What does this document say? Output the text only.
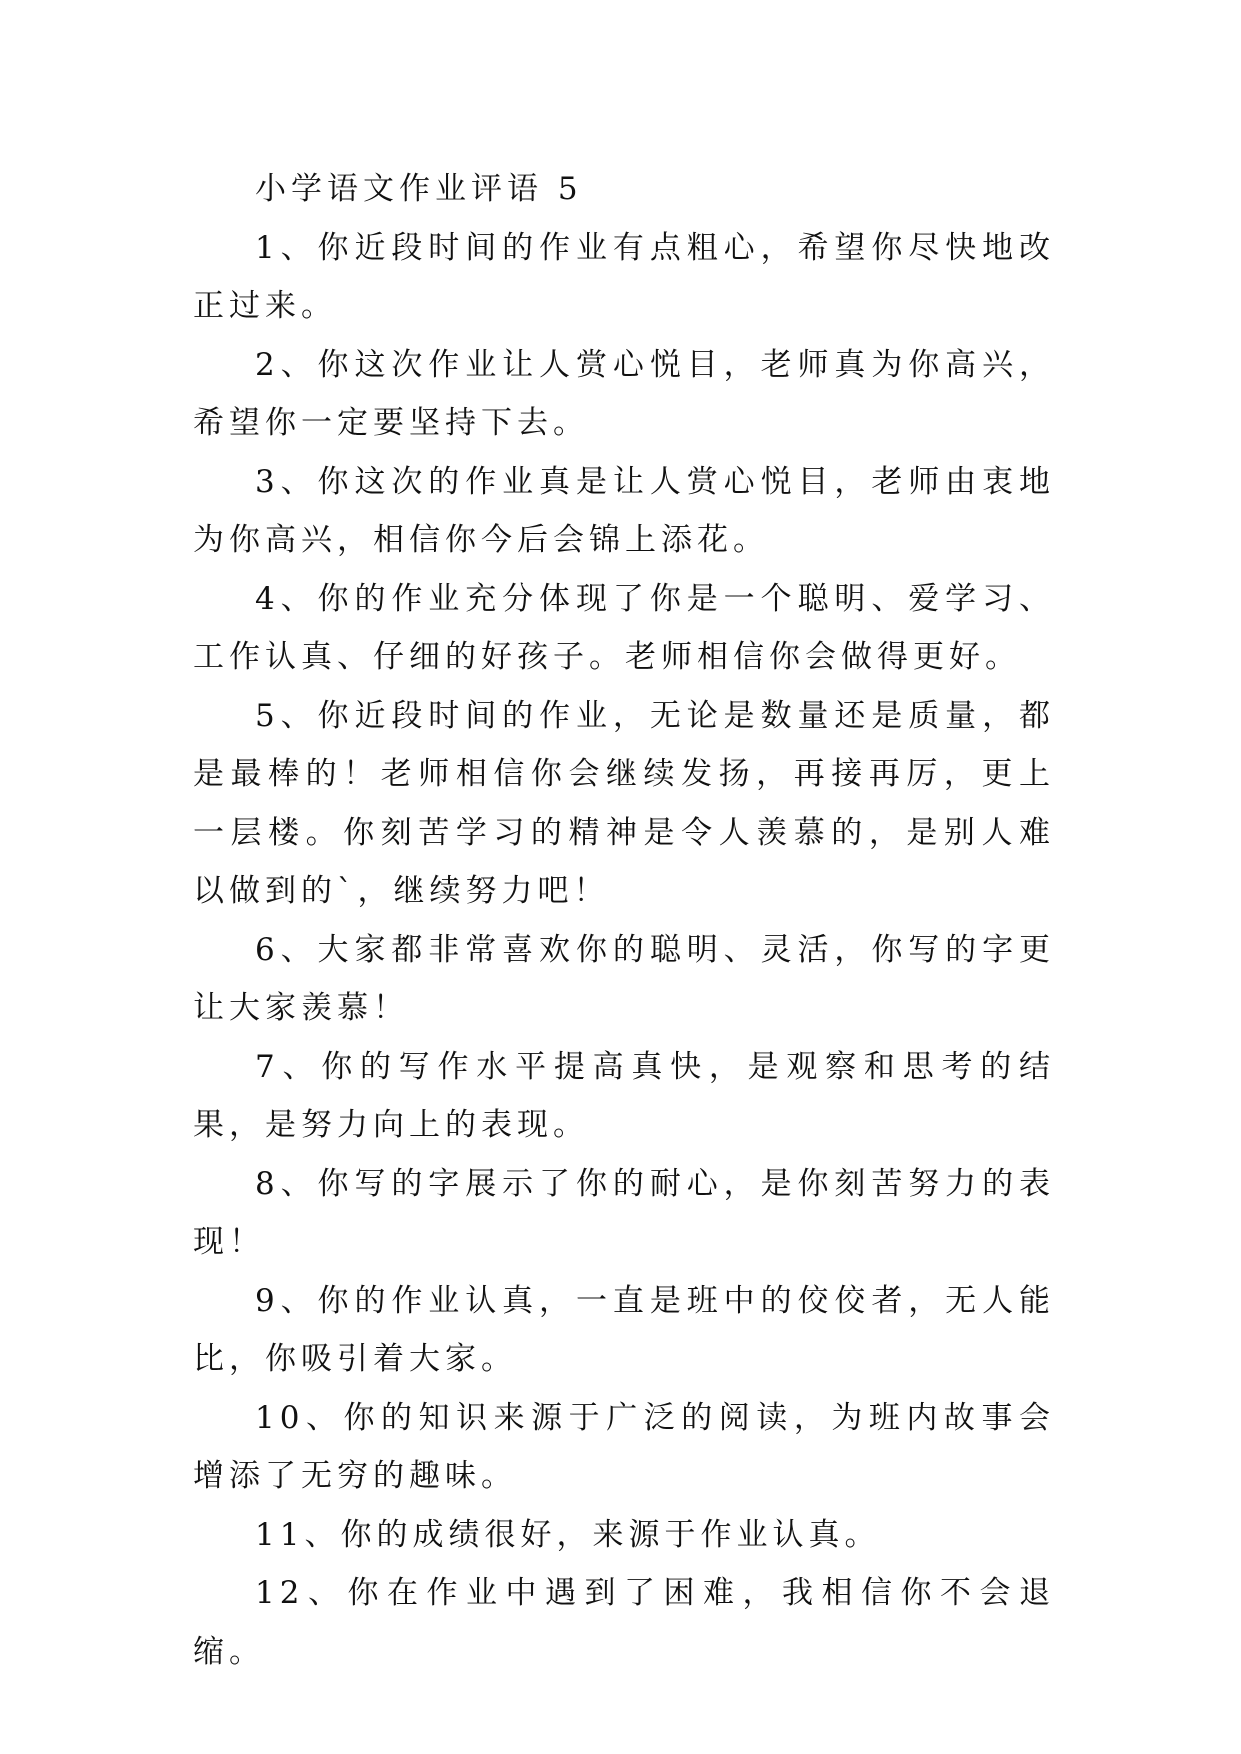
小学语文作业评语 5

1、你近段时间的作业有点粗心，希望你尽快地改正过来。

2、你这次作业让人赏心悦目，老师真为你高兴，希望你一定要坚持下去。

3、你这次的作业真是让人赏心悦目，老师由衷地为你高兴，相信你今后会锦上添花。

4、你的作业充分体现了你是一个聪明、爱学习、工作认真、仔细的好孩子。老师相信你会做得更好。

5、你近段时间的作业，无论是数量还是质量，都是最棒的！老师相信你会继续发扬，再接再厉，更上一层楼。你刻苦学习的精神是令人羡慕的，是别人难以做到的`，继续努力吧！

6、大家都非常喜欢你的聪明、灵活，你写的字更让大家羡慕！

7、你的写作水平提高真快，是观察和思考的结果，是努力向上的表现。

8、你写的字展示了你的耐心，是你刻苦努力的表现！

9、你的作业认真，一直是班中的佼佼者，无人能比，你吸引着大家。

10、你的知识来源于广泛的阅读，为班内故事会增添了无穷的趣味。

11、你的成绩很好，来源于作业认真。

12、你在作业中遇到了困难，我相信你不会退缩。
